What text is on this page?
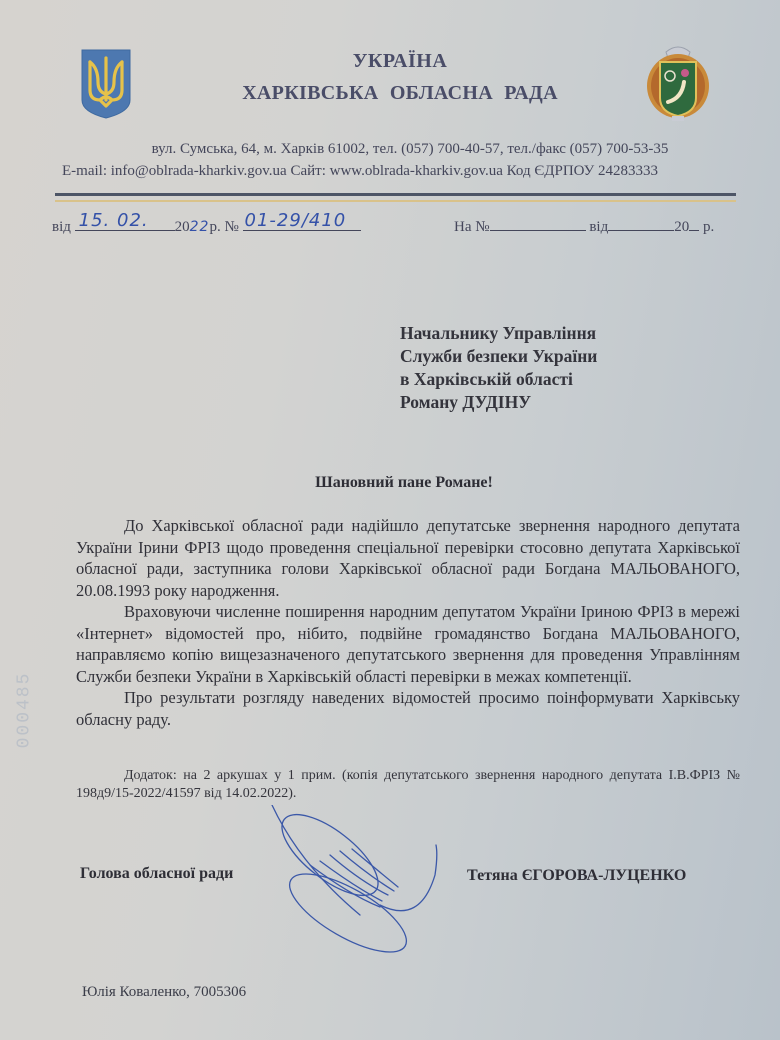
УКРАЇНА
ХАРКІВСЬКА ОБЛАСНА РАДА
вул. Сумська, 64, м. Харків 61002, тел. (057) 700-40-57, тел./факс (057) 700-53-35
E-mail: info@oblrada-kharkiv.gov.ua Сайт: www.oblrada-kharkiv.gov.ua Код ЄДРПОУ 24283333
від 15. 02. 2022р. № 01-29/410	На №	від	20 р.
Начальнику Управління
Служби безпеки України
в Харківській області
Роману ДУДІНУ
Шановний пане Романе!

До Харківської обласної ради надійшло депутатське звернення народного депутата України Ірини ФРІЗ щодо проведення спеціальної перевірки стосовно депутата Харківської обласної ради, заступника голови Харківської обласної ради Богдана МАЛЬОВАНОГО, 20.08.1993 року народження.

Враховуючи численне поширення народним депутатом України Іриною ФРІЗ в мережі «Інтернет» відомостей про, нібито, подвійне громадянство Богдана МАЛЬОВАНОГО, направляємо копію вищезазначеного депутатського звернення для проведення Управлінням Служби безпеки України в Харківській області перевірки в межах компетенції.

Про результати розгляду наведених відомостей просимо поінформувати Харківську обласну раду.

Додаток: на 2 аркушах у 1 прим. (копія депутатського звернення народного депутата І.В.ФРІЗ № 198д9/15-2022/41597 від 14.02.2022).

Голова обласної ради	Тетяна ЄГОРОВА-ЛУЦЕНКО
Юлія Коваленко, 7005306
000485
